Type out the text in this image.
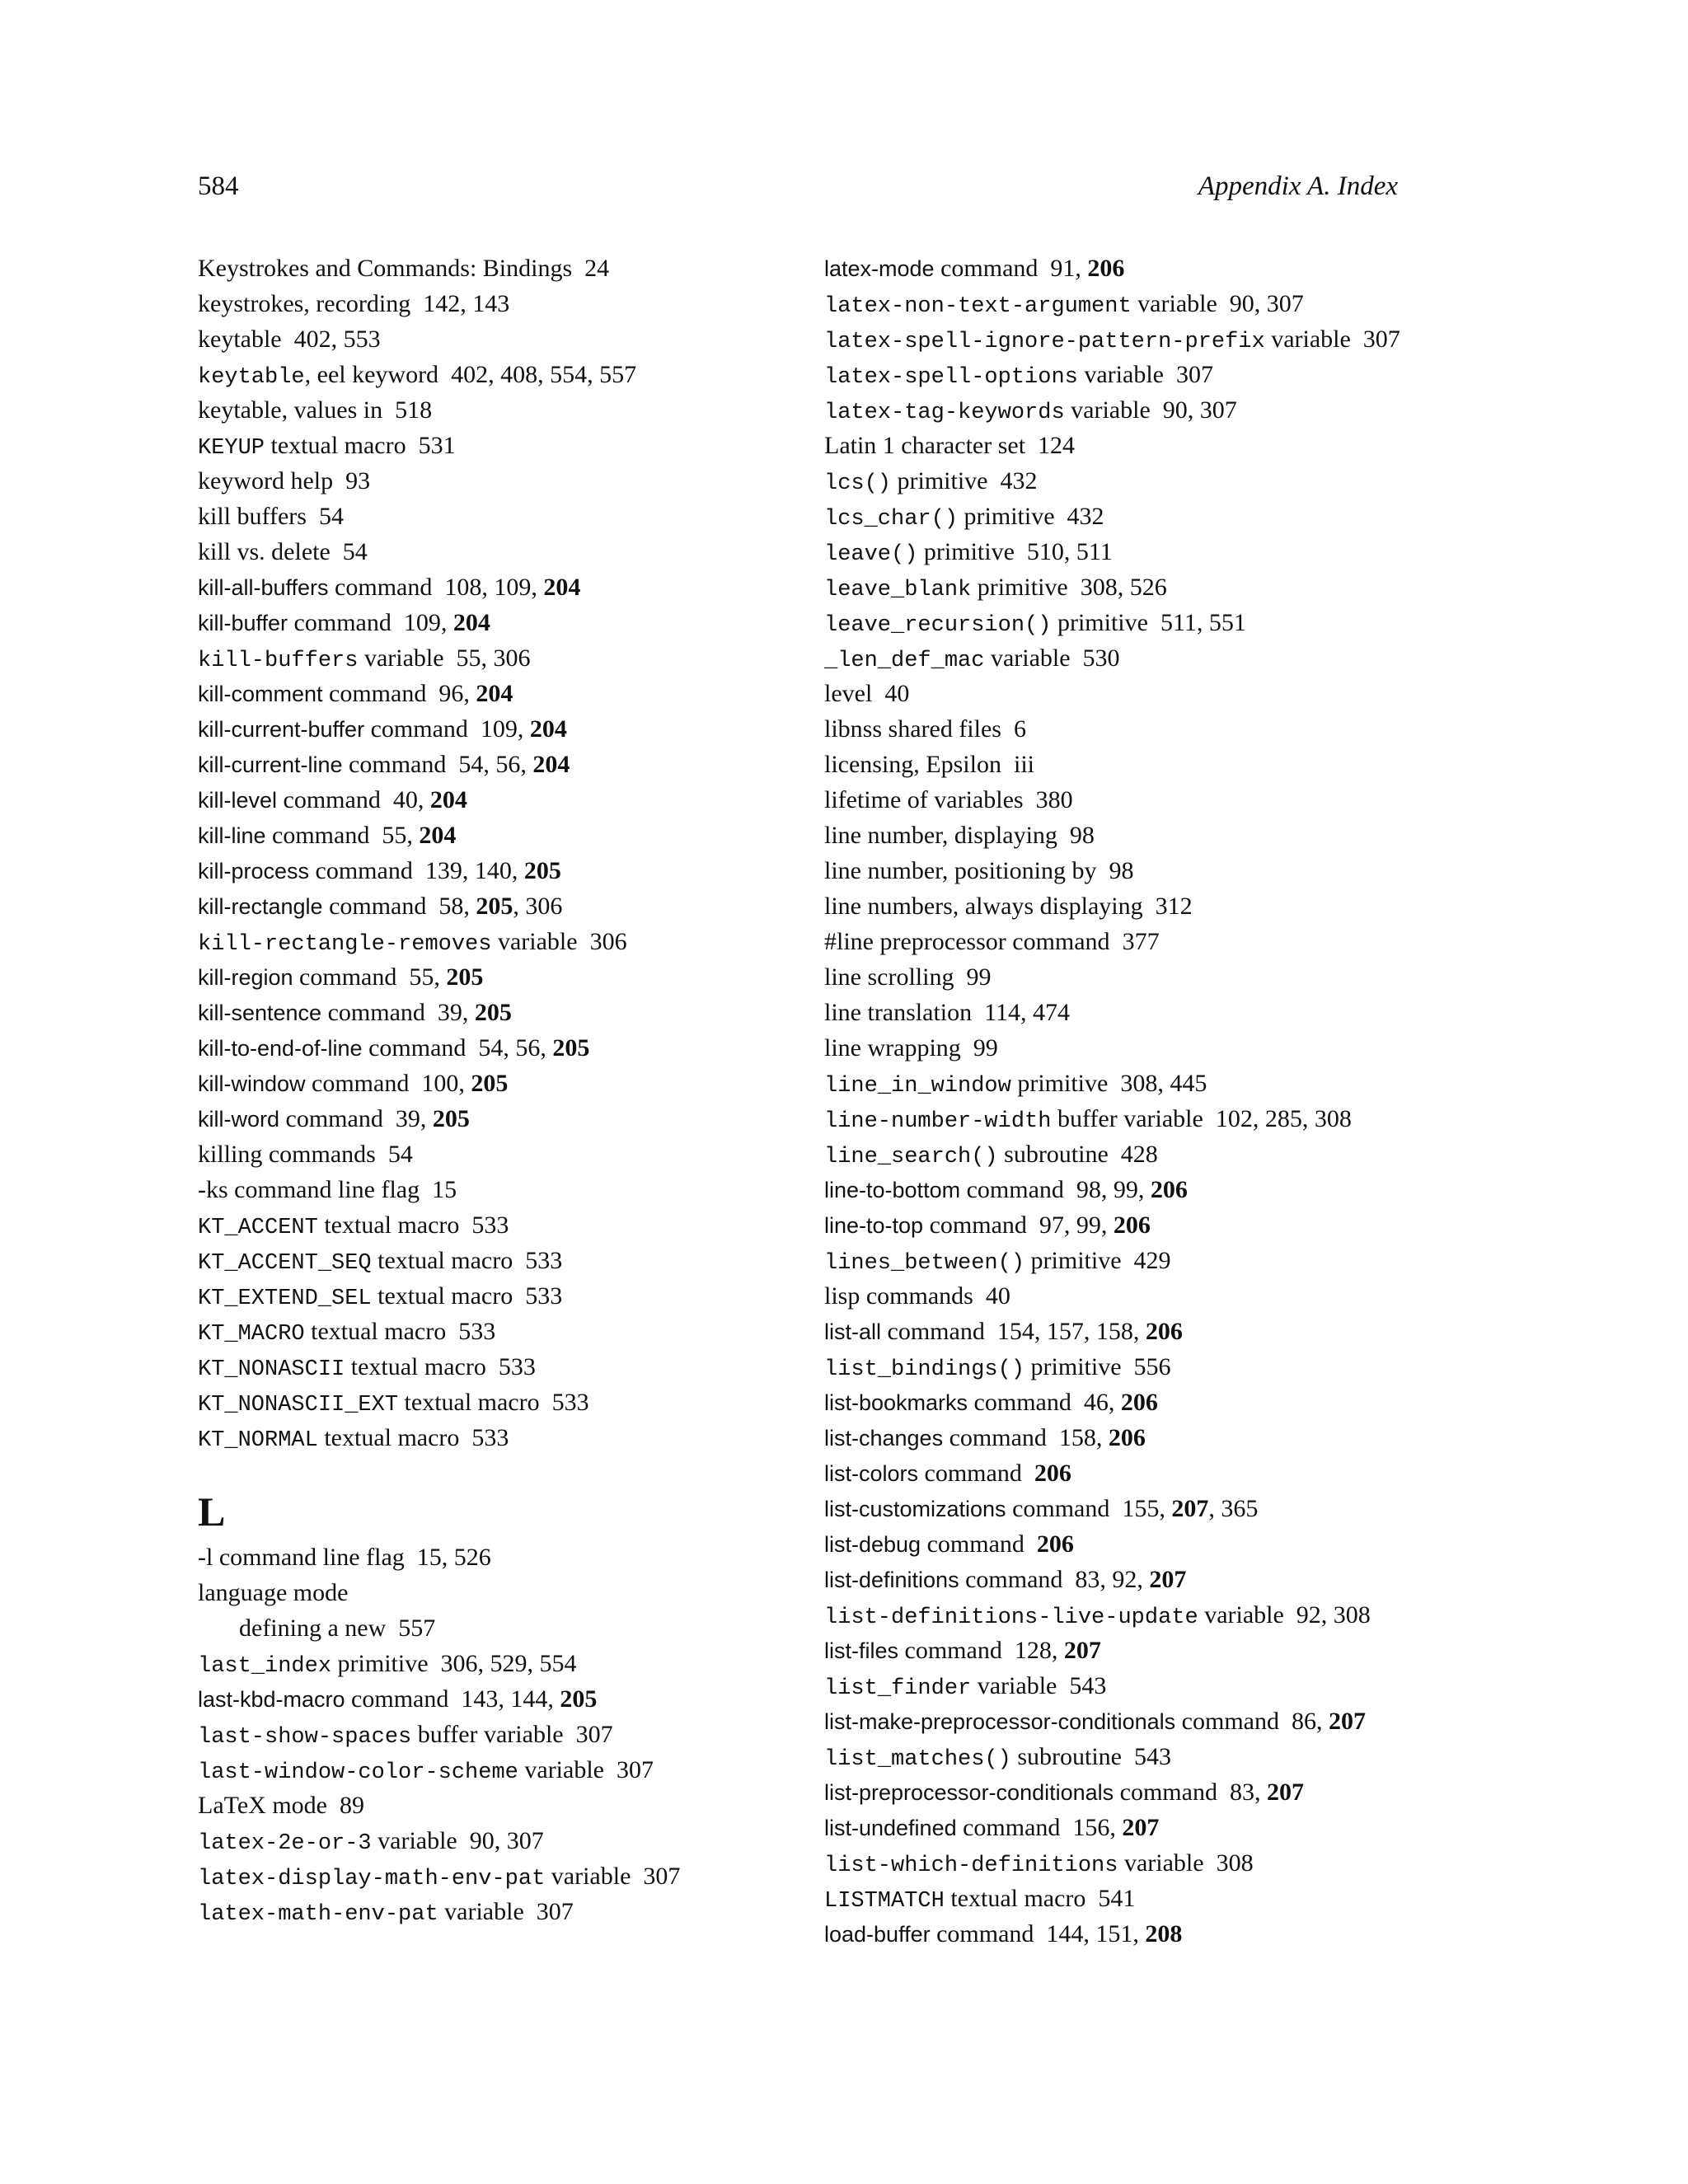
584	Appendix A. Index
Keystrokes and Commands: Bindings  24
keystrokes, recording  142, 143
keytable  402, 553
keytable, eel keyword  402, 408, 554, 557
keytable, values in  518
KEYUP textual macro  531
keyword help  93
kill buffers  54
kill vs. delete  54
kill-all-buffers command  108, 109, 204
kill-buffer command  109, 204
kill-buffers variable  55, 306
kill-comment command  96, 204
kill-current-buffer command  109, 204
kill-current-line command  54, 56, 204
kill-level command  40, 204
kill-line command  55, 204
kill-process command  139, 140, 205
kill-rectangle command  58, 205, 306
kill-rectangle-removes variable  306
kill-region command  55, 205
kill-sentence command  39, 205
kill-to-end-of-line command  54, 56, 205
kill-window command  100, 205
kill-word command  39, 205
killing commands  54
-ks command line flag  15
KT_ACCENT textual macro  533
KT_ACCENT_SEQ textual macro  533
KT_EXTEND_SEL textual macro  533
KT_MACRO textual macro  533
KT_NONASCII textual macro  533
KT_NONASCII_EXT textual macro  533
KT_NORMAL textual macro  533
L
-l command line flag  15, 526
language mode
defining a new  557
last_index primitive  306, 529, 554
last-kbd-macro command  143, 144, 205
last-show-spaces buffer variable  307
last-window-color-scheme variable  307
LaTeX mode  89
latex-2e-or-3 variable  90, 307
latex-display-math-env-pat variable  307
latex-math-env-pat variable  307
latex-mode command  91, 206
latex-non-text-argument variable  90, 307
latex-spell-ignore-pattern-prefix variable  307
latex-spell-options variable  307
latex-tag-keywords variable  90, 307
Latin 1 character set  124
lcs() primitive  432
lcs_char() primitive  432
leave() primitive  510, 511
leave_blank primitive  308, 526
leave_recursion() primitive  511, 551
_len_def_mac variable  530
level  40
libnss shared files  6
licensing, Epsilon  iii
lifetime of variables  380
line number, displaying  98
line number, positioning by  98
line numbers, always displaying  312
#line preprocessor command  377
line scrolling  99
line translation  114, 474
line wrapping  99
line_in_window primitive  308, 445
line-number-width buffer variable  102, 285, 308
line_search() subroutine  428
line-to-bottom command  98, 99, 206
line-to-top command  97, 99, 206
lines_between() primitive  429
lisp commands  40
list-all command  154, 157, 158, 206
list_bindings() primitive  556
list-bookmarks command  46, 206
list-changes command  158, 206
list-colors command  206
list-customizations command  155, 207, 365
list-debug command  206
list-definitions command  83, 92, 207
list-definitions-live-update variable  92, 308
list-files command  128, 207
list_finder variable  543
list-make-preprocessor-conditionals command  86, 207
list_matches() subroutine  543
list-preprocessor-conditionals command  83, 207
list-undefined command  156, 207
list-which-definitions variable  308
LISTMATCH textual macro  541
load-buffer command  144, 151, 208
